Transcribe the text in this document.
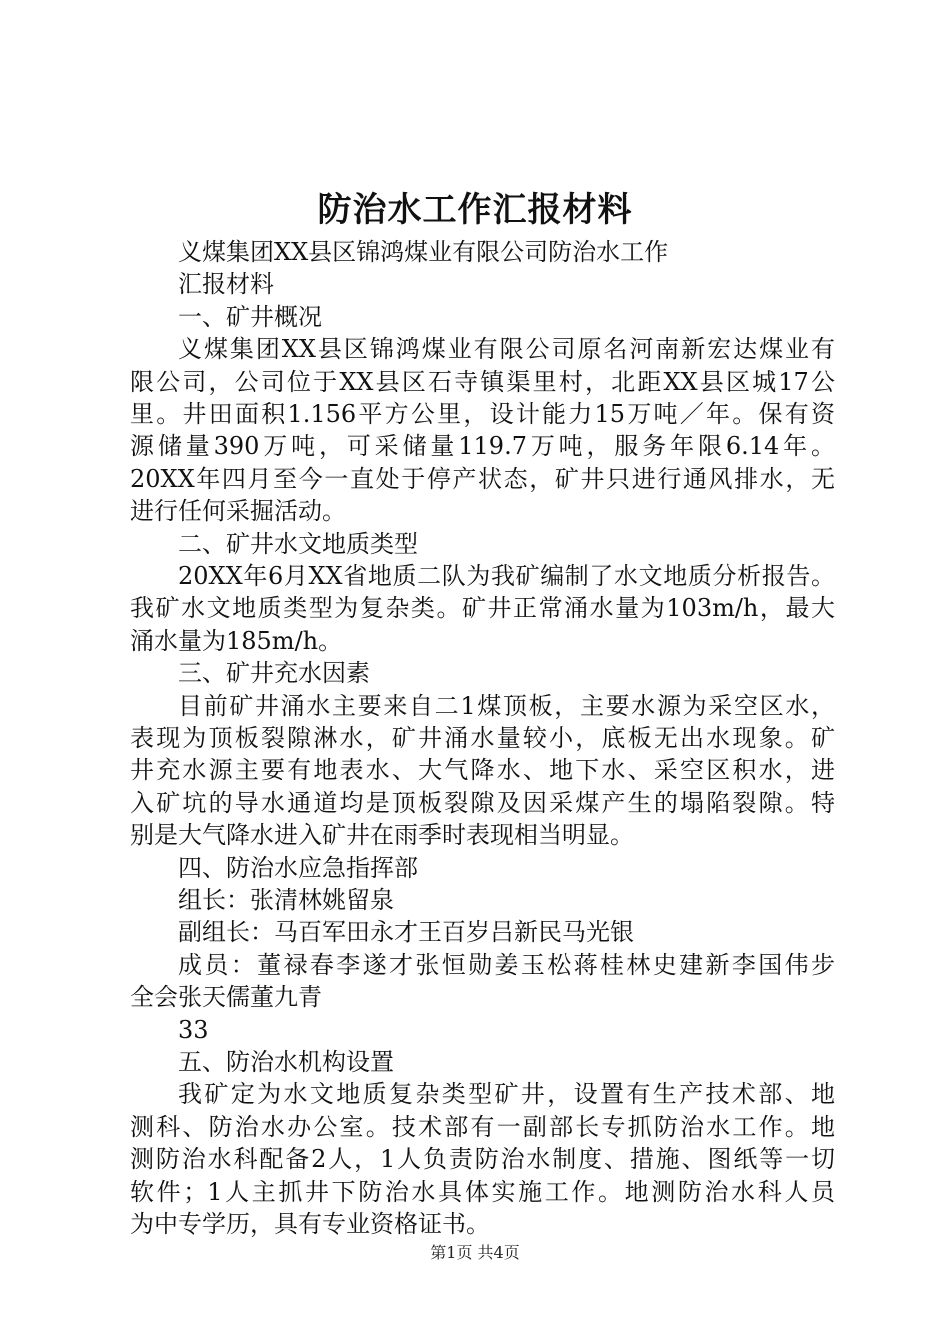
防治水工作汇报材料
义煤集团XX县区锦鸿煤业有限公司防治水工作
汇报材料
一、矿井概况
义煤集团XX县区锦鸿煤业有限公司原名河南新宏达煤业有
限公司，公司位于XX县区石寺镇渠里村，北距XX县区城17公
里。井田面积1.156平方公里，设计能力15万吨／年。保有资
源储量390万吨，可采储量119.7万吨，服务年限6.14年。
20XX年四月至今一直处于停产状态，矿井只进行通风排水，无
进行任何采掘活动。
二、矿井水文地质类型
20XX年6月XX省地质二队为我矿编制了水文地质分析报告。
我矿水文地质类型为复杂类。矿井正常涌水量为103m/h，最大
涌水量为185m/h。
三、矿井充水因素
目前矿井涌水主要来自二1煤顶板，主要水源为采空区水，
表现为顶板裂隙淋水，矿井涌水量较小，底板无出水现象。矿
井充水源主要有地表水、大气降水、地下水、采空区积水，进
入矿坑的导水通道均是顶板裂隙及因采煤产生的塌陷裂隙。特
别是大气降水进入矿井在雨季时表现相当明显。
四、防治水应急指挥部
组长：张清林姚留泉
副组长：马百军田永才王百岁吕新民马光银
成员：董禄春李遂才张恒勋姜玉松蒋桂林史建新李国伟步
全会张天儒董九青
33
五、防治水机构设置
我矿定为水文地质复杂类型矿井，设置有生产技术部、地
测科、防治水办公室。技术部有一副部长专抓防治水工作。地
测防治水科配备2人，1人负责防治水制度、措施、图纸等一切
软件；1人主抓井下防治水具体实施工作。地测防治水科人员
为中专学历，具有专业资格证书。
第1页 共4页
